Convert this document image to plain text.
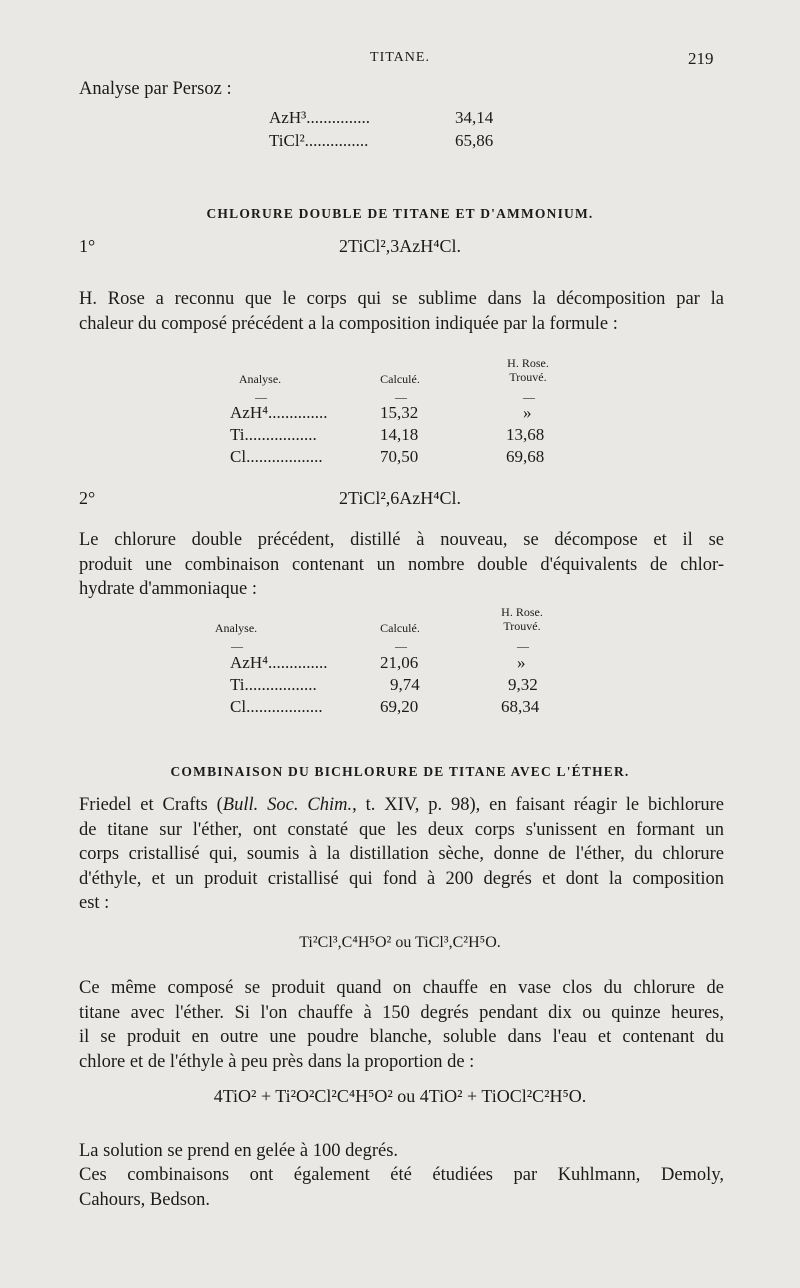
TITANE.	219
Analyse par Persoz :
AzH³...............	34,14
TiCl²...............	65,86
CHLORURE DOUBLE DE TITANE ET D'AMMONIUM.
1°	2TiCl²,3AzH⁴Cl.
H. Rose a reconnu que le corps qui se sublime dans la décomposition par la
chaleur du composé précédent a la composition indiquée par la formule :
Analyse.	Calculé.
H. Rose.
Trouvé.
—	—	—
AzH⁴..............	15,32	»
Ti.................	14,18	13,68
Cl..................	70,50	69,68
2°	2TiCl²,6AzH⁴Cl.
Le chlorure double précédent, distillé à nouveau, se décompose et il se
produit une combinaison contenant un nombre double d'équivalents de chlor-
hydrate d'ammoniaque :
Analyse.	Calculé.
H. Rose.
Trouvé.
—	—	—
AzH⁴..............	21,06	»
Ti.................	9,74	9,32
Cl..................	69,20	68,34
COMBINAISON DU BICHLORURE DE TITANE AVEC L'ÉTHER.
Friedel et Crafts (Bull. Soc. Chim., t. XIV, p. 98), en faisant réagir le bichlorure
de titane sur l'éther, ont constaté que les deux corps s'unissent en formant un
corps cristallisé qui, soumis à la distillation sèche, donne de l'éther, du chlorure
d'éthyle, et un produit cristallisé qui fond à 200 degrés et dont la composition
est :
Ti²Cl³,C⁴H⁵O² ou TiCl³,C²H⁵O.
Ce même composé se produit quand on chauffe en vase clos du chlorure de
titane avec l'éther. Si l'on chauffe à 150 degrés pendant dix ou quinze heures,
il se produit en outre une poudre blanche, soluble dans l'eau et contenant du
chlore et de l'éthyle à peu près dans la proportion de :
4TiO² + Ti²O²Cl²C⁴H⁵O² ou 4TiO² + TiOCl²C²H⁵O.
La solution se prend en gelée à 100 degrés.
Ces combinaisons ont également été étudiées par Kuhlmann, Demoly,
Cahours, Bedson.
